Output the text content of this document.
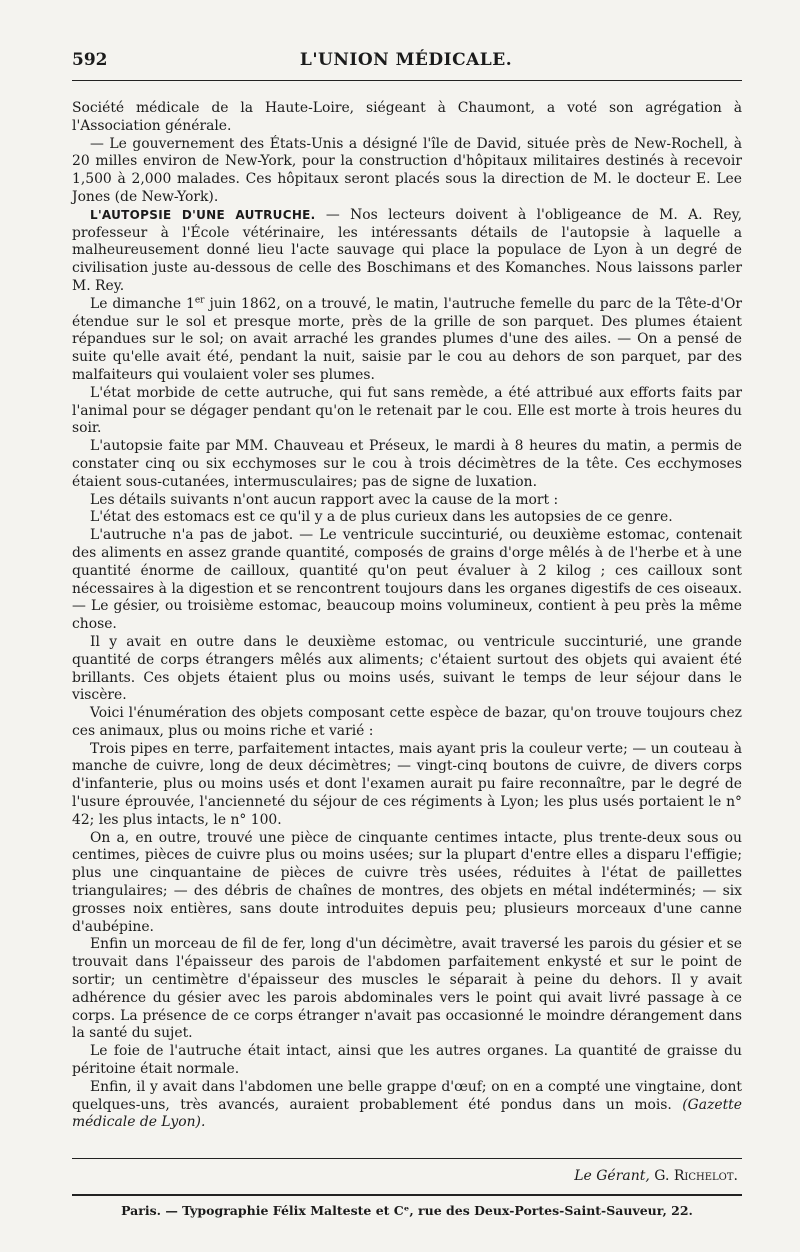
592	L'UNION MÉDICALE.

Société médicale de la Haute-Loire, siégeant à Chaumont, a voté son agrégation à l'Association générale.

— Le gouvernement des États-Unis a désigné l'île de David, située près de New-Rochell, à 20 milles environ de New-York, pour la construction d'hôpitaux militaires destinés à recevoir 1,500 à 2,000 malades. Ces hôpitaux seront placés sous la direction de M. le docteur E. Lee Jones (de New-York).

L'AUTOPSIE D'UNE AUTRUCHE. — Nos lecteurs doivent à l'obligeance de M. A. Rey, professeur à l'École vétérinaire, les intéressants détails de l'autopsie à laquelle a malheureusement donné lieu l'acte sauvage qui place la populace de Lyon à un degré de civilisation juste au-dessous de celle des Boschimans et des Komanches. Nous laissons parler M. Rey.

Le dimanche 1er juin 1862, on a trouvé, le matin, l'autruche femelle du parc de la Tête-d'Or étendue sur le sol et presque morte, près de la grille de son parquet. Des plumes étaient répandues sur le sol; on avait arraché les grandes plumes d'une des ailes. — On a pensé de suite qu'elle avait été, pendant la nuit, saisie par le cou au dehors de son parquet, par des malfaiteurs qui voulaient voler ses plumes.

L'état morbide de cette autruche, qui fut sans remède, a été attribué aux efforts faits par l'animal pour se dégager pendant qu'on le retenait par le cou. Elle est morte à trois heures du soir.

L'autopsie faite par MM. Chauveau et Préseux, le mardi à 8 heures du matin, a permis de constater cinq ou six ecchymoses sur le cou à trois décimètres de la tête. Ces ecchymoses étaient sous-cutanées, intermusculaires; pas de signe de luxation.

Les détails suivants n'ont aucun rapport avec la cause de la mort :

L'état des estomacs est ce qu'il y a de plus curieux dans les autopsies de ce genre.

L'autruche n'a pas de jabot. — Le ventricule succinturié, ou deuxième estomac, contenait des aliments en assez grande quantité, composés de grains d'orge mêlés à de l'herbe et à une quantité énorme de cailloux, quantité qu'on peut évaluer à 2 kilog ; ces cailloux sont nécessaires à la digestion et se rencontrent toujours dans les organes digestifs de ces oiseaux. — Le gésier, ou troisième estomac, beaucoup moins volumineux, contient à peu près la même chose.

Il y avait en outre dans le deuxième estomac, ou ventricule succinturié, une grande quantité de corps étrangers mêlés aux aliments; c'étaient surtout des objets qui avaient été brillants. Ces objets étaient plus ou moins usés, suivant le temps de leur séjour dans le viscère.

Voici l'énumération des objets composant cette espèce de bazar, qu'on trouve toujours chez ces animaux, plus ou moins riche et varié :

Trois pipes en terre, parfaitement intactes, mais ayant pris la couleur verte; — un couteau à manche de cuivre, long de deux décimètres; — vingt-cinq boutons de cuivre, de divers corps d'infanterie, plus ou moins usés et dont l'examen aurait pu faire reconnaître, par le degré de l'usure éprouvée, l'ancienneté du séjour de ces régiments à Lyon; les plus usés portaient le n° 42; les plus intacts, le n° 100.

On a, en outre, trouvé une pièce de cinquante centimes intacte, plus trente-deux sous ou centimes, pièces de cuivre plus ou moins usées; sur la plupart d'entre elles a disparu l'effigie; plus une cinquantaine de pièces de cuivre très usées, réduites à l'état de paillettes triangulaires; — des débris de chaînes de montres, des objets en métal indéterminés; — six grosses noix entières, sans doute introduites depuis peu; plusieurs morceaux d'une canne d'aubépine.

Enfin un morceau de fil de fer, long d'un décimètre, avait traversé les parois du gésier et se trouvait dans l'épaisseur des parois de l'abdomen parfaitement enkysté et sur le point de sortir; un centimètre d'épaisseur des muscles le séparait à peine du dehors. Il y avait adhérence du gésier avec les parois abdominales vers le point qui avait livré passage à ce corps. La présence de ce corps étranger n'avait pas occasionné le moindre dérangement dans la santé du sujet.

Le foie de l'autruche était intact, ainsi que les autres organes. La quantité de graisse du péritoine était normale.

Enfin, il y avait dans l'abdomen une belle grappe d'œuf; on en a compté une vingtaine, dont quelques-uns, très avancés, auraient probablement été pondus dans un mois. (Gazette médicale de Lyon).

Le Gérant, G. Richelot.
Paris. — Typographie Félix Malteste et Cᵉ, rue des Deux-Portes-Saint-Sauveur, 22.
